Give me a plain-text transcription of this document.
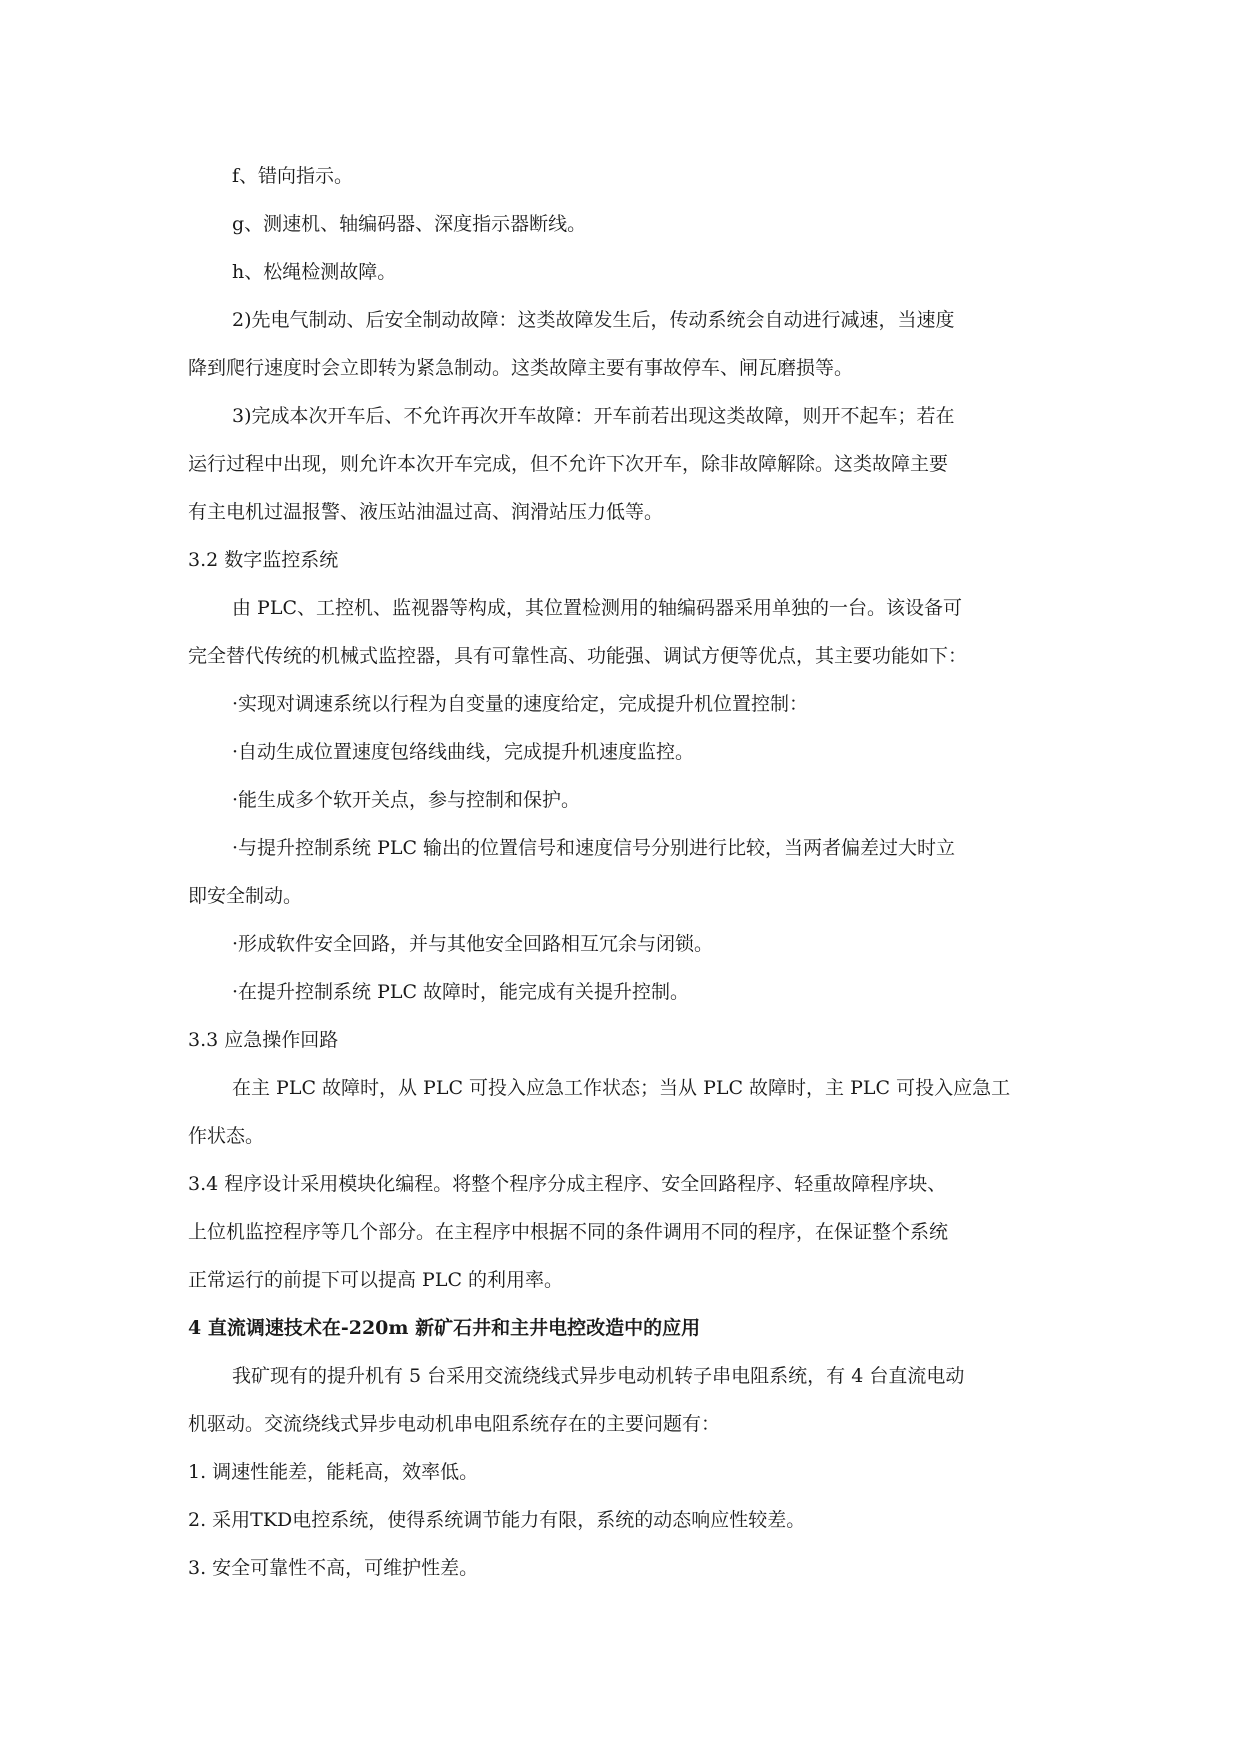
f、错向指示。

g、测速机、轴编码器、深度指示器断线。

h、松绳检测故障。

2)先电气制动、后安全制动故障：这类故障发生后，传动系统会自动进行减速，当速度

降到爬行速度时会立即转为紧急制动。这类故障主要有事故停车、闸瓦磨损等。

3)完成本次开车后、不允许再次开车故障：开车前若出现这类故障，则开不起车；若在

运行过程中出现，则允许本次开车完成，但不允许下次开车，除非故障解除。这类故障主要

有主电机过温报警、液压站油温过高、润滑站压力低等。

3.2 数字监控系统

由 PLC、工控机、监视器等构成，其位置检测用的轴编码器采用单独的一台。该设备可

完全替代传统的机械式监控器，具有可靠性高、功能强、调试方便等优点，其主要功能如下：

·实现对调速系统以行程为自变量的速度给定，完成提升机位置控制：

·自动生成位置速度包络线曲线，完成提升机速度监控。

·能生成多个软开关点，参与控制和保护。

·与提升控制系统 PLC 输出的位置信号和速度信号分别进行比较，当两者偏差过大时立

即安全制动。

·形成软件安全回路，并与其他安全回路相互冗余与闭锁。

·在提升控制系统 PLC 故障时，能完成有关提升控制。

3.3 应急操作回路

在主 PLC 故障时，从 PLC 可投入应急工作状态；当从 PLC 故障时，主 PLC 可投入应急工

作状态。

3.4 程序设计采用模块化编程。将整个程序分成主程序、安全回路程序、轻重故障程序块、

上位机监控程序等几个部分。在主程序中根据不同的条件调用不同的程序，在保证整个系统

正常运行的前提下可以提高 PLC 的利用率。

4 直流调速技术在-220m 新矿石井和主井电控改造中的应用

我矿现有的提升机有 5 台采用交流绕线式异步电动机转子串电阻系统，有 4 台直流电动

机驱动。交流绕线式异步电动机串电阻系统存在的主要问题有：

1. 调速性能差，能耗高，效率低。

2. 采用TKD电控系统，使得系统调节能力有限，系统的动态响应性较差。

3. 安全可靠性不高，可维护性差。
